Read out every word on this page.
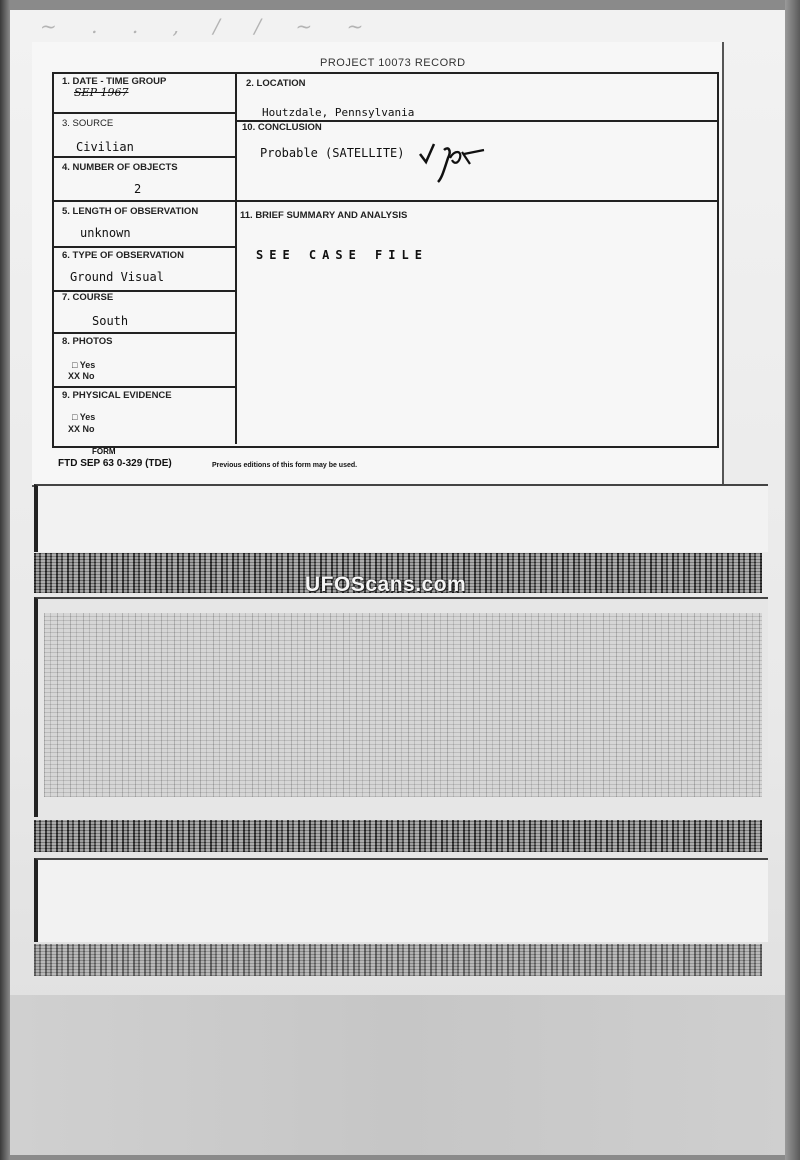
~ . . , / / ~ ~
PROJECT 10073 RECORD
1. DATE - TIME GROUP
SEP 1967
2. LOCATION
Houtzdale, Pennsylvania
3. SOURCE
Civilian
10. CONCLUSION
Probable (SATELLITE)
4. NUMBER OF OBJECTS
2
5. LENGTH OF OBSERVATION
unknown
11. BRIEF SUMMARY AND ANALYSIS
SEE CASE FILE
6. TYPE OF OBSERVATION
Ground Visual
7. COURSE
South
8. PHOTOS
□ Yes
XX No
9. PHYSICAL EVIDENCE
□ Yes
XX No
FORM
FTD SEP 63 0-329 (TDE)	Previous editions of this form may be used.
UFOScans.com
